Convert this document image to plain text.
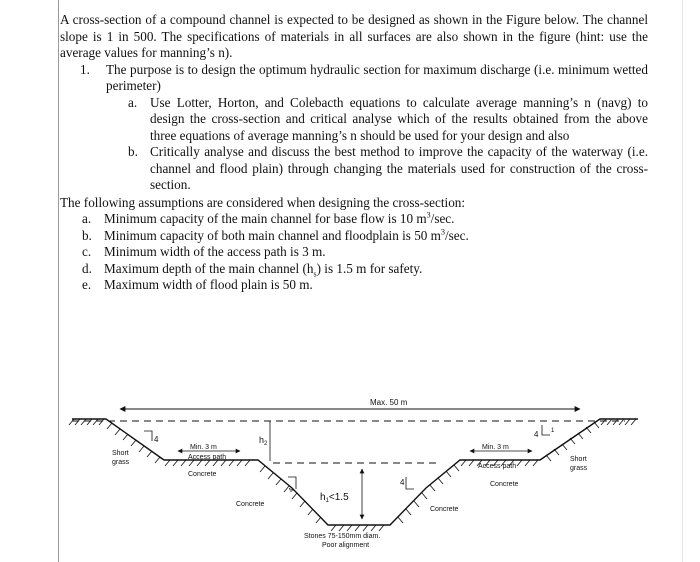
A cross-section of a compound channel is expected to be designed as shown in the Figure below. The channel slope is 1 in 500. The specifications of materials in all surfaces are also shown in the figure (hint: use the average values for manning’s n).
1.	The purpose is to design the optimum hydraulic section for maximum discharge (i.e. minimum wetted perimeter)
a. Use Lotter, Horton, and Colebacth equations to calculate average manning’s n (navg) to design the cross-section and critical analyse which of the results obtained from the above three equations of average manning’s n should be used for your design and also
b. Critically analyse and discuss the best method to improve the capacity of the waterway (i.e. channel and flood plain) through changing the materials used for construction of the cross-section.
The following assumptions are considered when designing the cross-section:
a. Minimum capacity of the main channel for base flow is 10 $m^3/\sec$.
b. Minimum capacity of both main channel and floodplain is 50 $m^3/\sec$.
c. Minimum width of the access path is 3 m.
d. Maximum depth of the main channel $(h_s)$ is 1.5 m for safety.
e. Maximum width of flood plain is 50 m.
Max. 50 m
Short
grass	Short
grass
4
4 1
Min. 3 m
Access path
Concrete
Min. 3 m
Access path
Concrete
$h_2$
4
4
$h_1<1.5$
Concrete
Concrete
Stones 75-150mm diam.
Poor alignment
